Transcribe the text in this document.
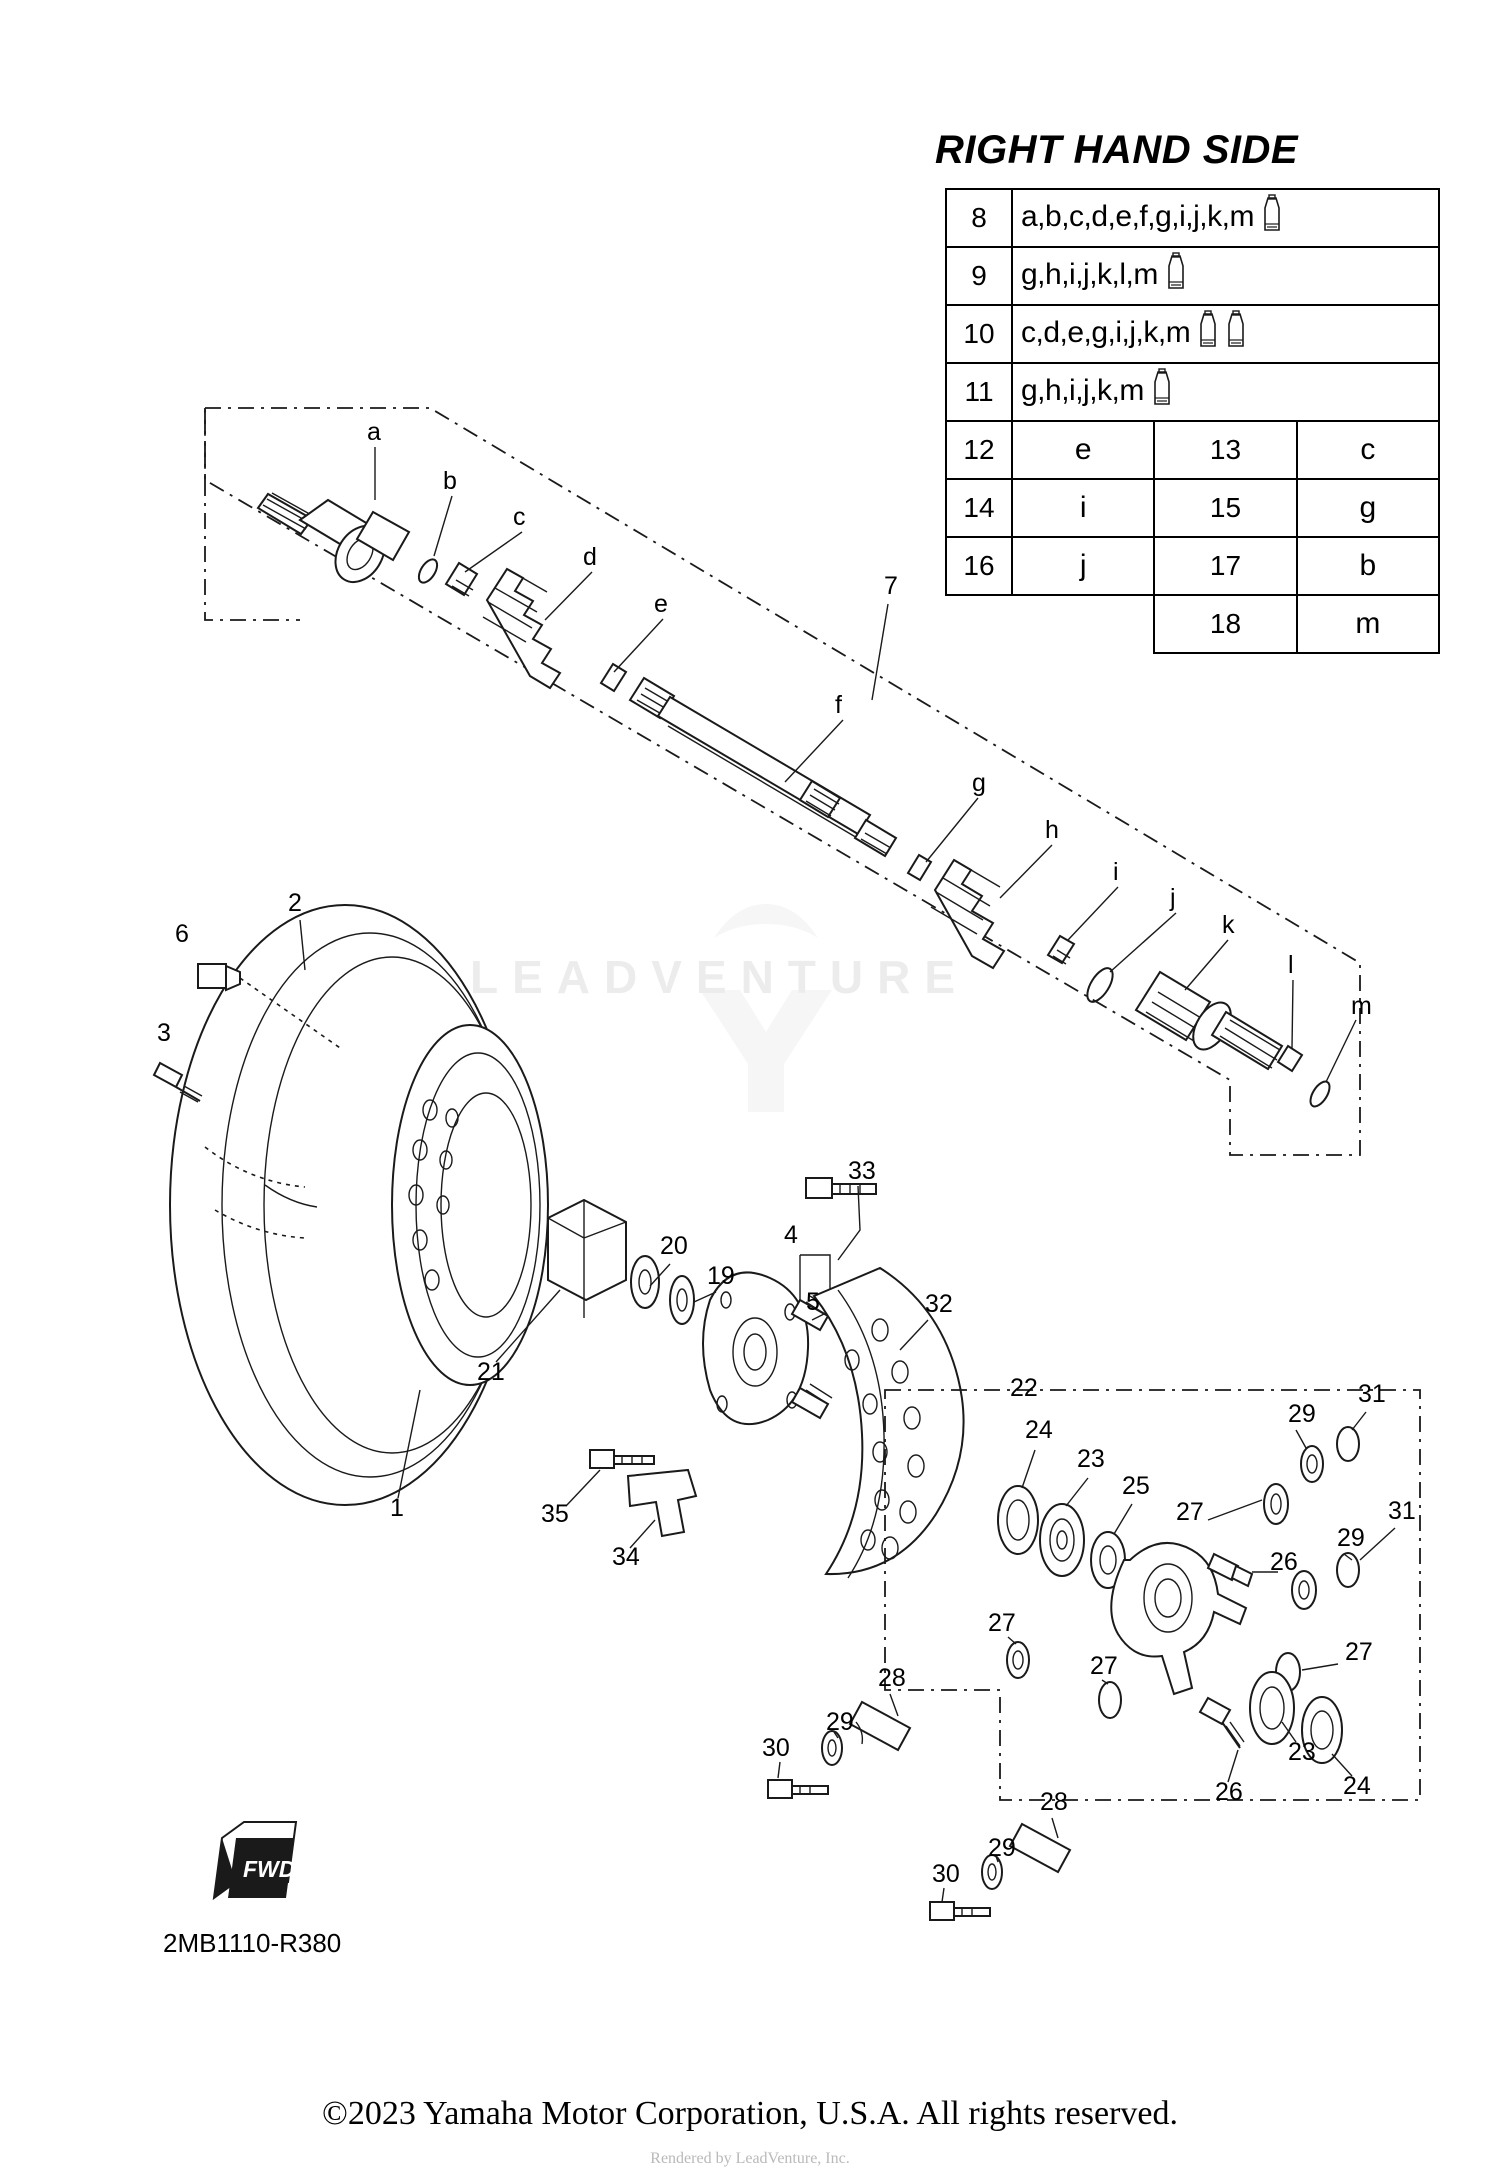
a
b
c
d
e
f
g
h
i
j
k
l
m
7
6
2
3
1
21
20
19
5
4
33
32
35
34
22
24
23
25
27
26
29
31
29
31
27
27	27
23
24
26
28
29
30
28
29
30
RIGHT HAND SIDE
8	a,b,c,d,e,f,g,i,j,k,m		
9	g,h,i,j,k,l,m		
10	c,d,e,g,i,j,k,m		
11	g,h,i,j,k,m		
12	e	13	c
14	i	15	g
16	j	17	b
		18	m
FWD
2MB1110-R380
LEADVENTURE
©2023 Yamaha Motor Corporation, U.S.A. All rights reserved.
Rendered by LeadVenture, Inc.
